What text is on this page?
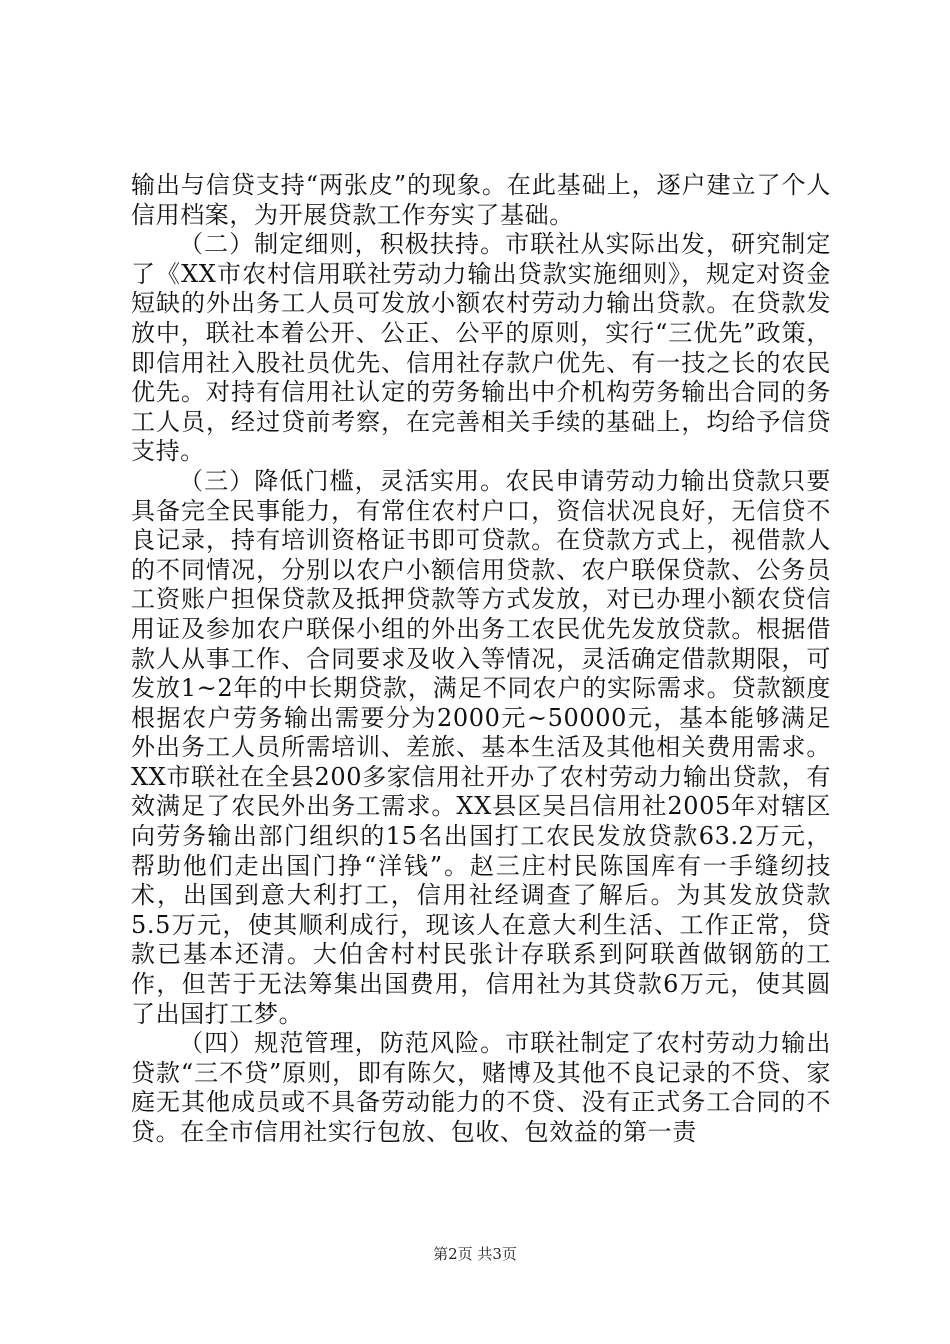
输出与信贷支持“两张皮”的现象。在此基础上，逐户建立了个人信用档案，为开展贷款工作夯实了基础。

（二）制定细则，积极扶持。市联社从实际出发，研究制定了《XX市农村信用联社劳动力输出贷款实施细则》，规定对资金短缺的外出务工人员可发放小额农村劳动力输出贷款。在贷款发放中，联社本着公开、公正、公平的原则，实行“三优先”政策，即信用社入股社员优先、信用社存款户优先、有一技之长的农民优先。对持有信用社认定的劳务输出中介机构劳务输出合同的务工人员，经过贷前考察，在完善相关手续的基础上，均给予信贷支持。

（三）降低门槛，灵活实用。农民申请劳动力输出贷款只要具备完全民事能力，有常住农村户口，资信状况良好，无信贷不良记录，持有培训资格证书即可贷款。在贷款方式上，视借款人的不同情况，分别以农户小额信用贷款、农户联保贷款、公务员工资账户担保贷款及抵押贷款等方式发放，对已办理小额农贷信用证及参加农户联保小组的外出务工农民优先发放贷款。根据借款人从事工作、合同要求及收入等情况，灵活确定借款期限，可发放1~2年的中长期贷款，满足不同农户的实际需求。贷款额度根据农户劳务输出需要分为2000元~50000元，基本能够满足外出务工人员所需培训、差旅、基本生活及其他相关费用需求。XX市联社在全县200多家信用社开办了农村劳动力输出贷款，有效满足了农民外出务工需求。XX县区吴吕信用社2005年对辖区向劳务输出部门组织的15名出国打工农民发放贷款63.2万元，帮助他们走出国门挣“洋钱”。赵三庄村民陈国库有一手缝纫技术，出国到意大利打工，信用社经调查了解后。为其发放贷款5.5万元，使其顺利成行，现该人在意大利生活、工作正常，贷款已基本还清。大伯舍村村民张计存联系到阿联酋做钢筋的工作，但苦于无法筹集出国费用，信用社为其贷款6万元，使其圆了出国打工梦。

（四）规范管理，防范风险。市联社制定了农村劳动力输出贷款“三不贷”原则，即有陈欠，赌博及其他不良记录的不贷、家庭无其他成员或不具备劳动能力的不贷、没有正式务工合同的不贷。在全市信用社实行包放、包收、包效益的第一责

第2页 共3页
